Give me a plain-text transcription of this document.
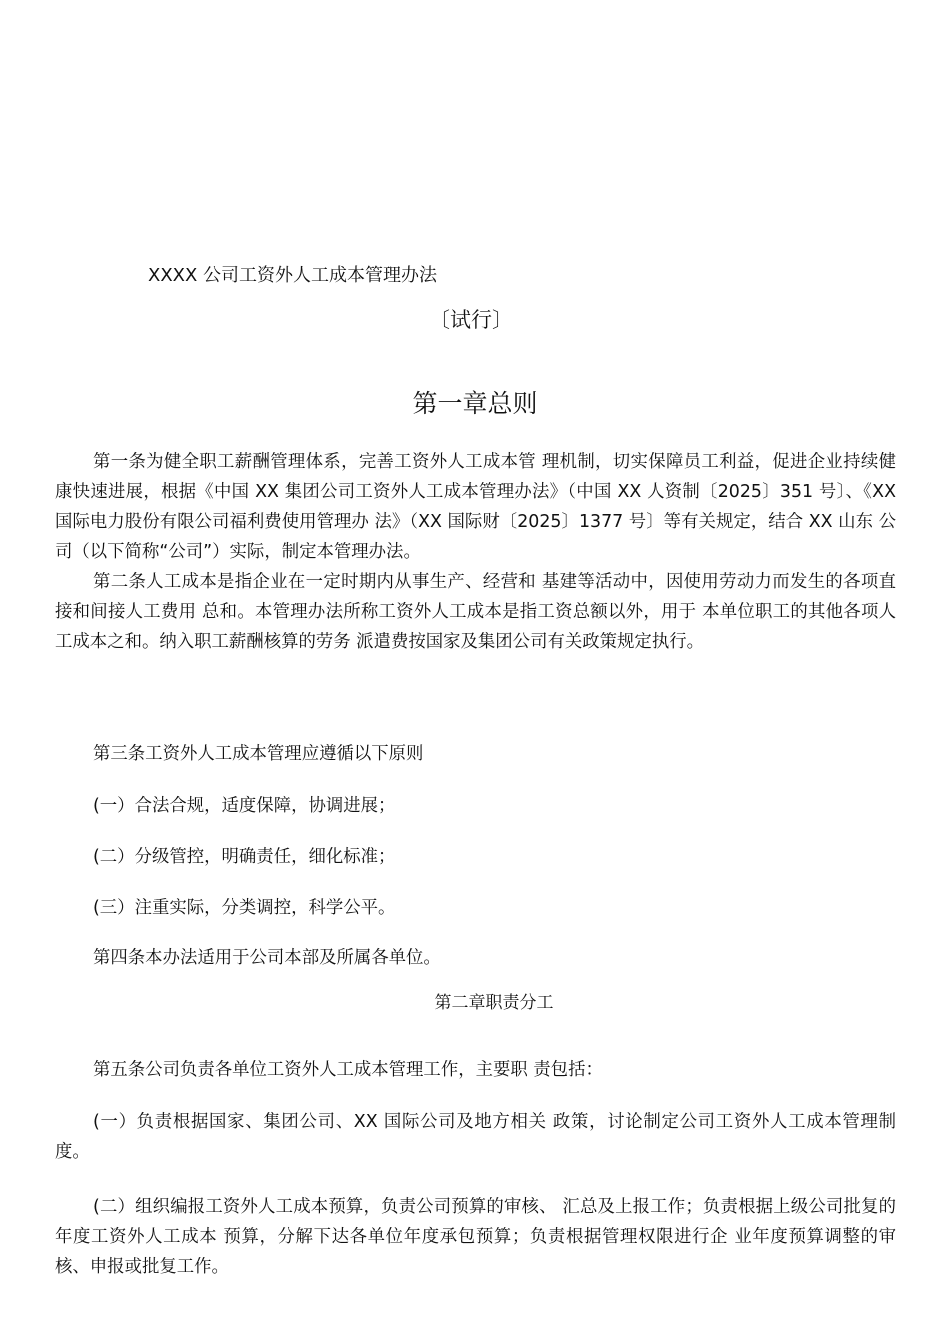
XXXX 公司工资外人工成本管理办法
〔试行〕
第一章总则

第一条为健全职工薪酬管理体系，完善工资外人工成本管 理机制，切实保障员工利益，促进企业持续健康快速进展，根据《中国 XX 集团公司工资外人工成本管理办法》（中国 XX 人资制〔2025〕351 号〕、《XX 国际电力股份有限公司福利费使用管理办 法》（XX 国际财〔2025〕1377 号〕等有关规定，结合 XX 山东 公司（以下简称“公司”）实际，制定本管理办法。

第二条人工成本是指企业在一定时期内从事生产、经营和 基建等活动中，因使用劳动力而发生的各项直接和间接人工费用 总和。本管理办法所称工资外人工成本是指工资总额以外，用于 本单位职工的其他各项人工成本之和。纳入职工薪酬核算的劳务 派遣费按国家及集团公司有关政策规定执行。

第三条工资外人工成本管理应遵循以下原则
(一）合法合规，适度保障，协调进展；
(二）分级管控，明确责任，细化标准；
(三）注重实际，分类调控，科学公平。
第四条本办法适用于公司本部及所属各单位。
第二章职责分工
第五条公司负责各单位工资外人工成本管理工作，主要职 责包括：

(一）负责根据国家、集团公司、XX 国际公司及地方相关 政策，讨论制定公司工资外人工成本管理制度。

(二）组织编报工资外人工成本预算，负责公司预算的审核、 汇总及上报工作；负责根据上级公司批复的年度工资外人工成本 预算，分解下达各单位年度承包预算；负责根据管理权限进行企 业年度预算调整的审核、申报或批复工作。
